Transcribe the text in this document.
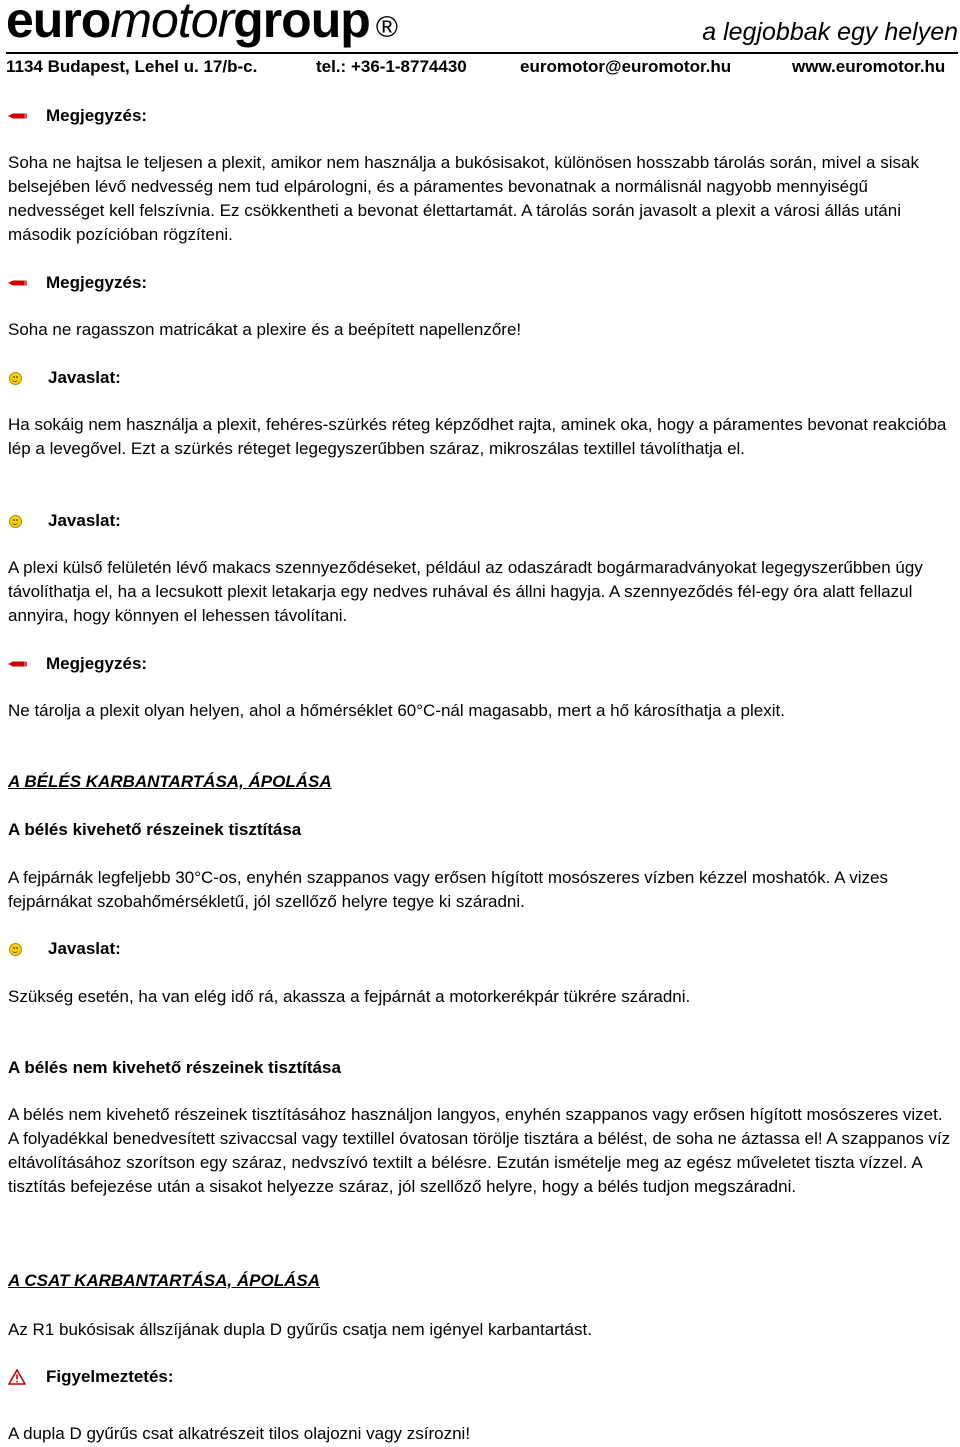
euromotorgroup ®	a legjobbak egy helyen
1134 Budapest, Lehel u. 17/b-c.	tel.: +36-1-8774430	euromotor@euromotor.hu	www.euromotor.hu
Megjegyzés:
Soha ne hajtsa le teljesen a plexit, amikor nem használja a bukósisakot, különösen hosszabb tárolás során, mivel a sisak belsejében lévő nedvesség nem tud elpárologni, és a páramentes bevonatnak a normálisnál nagyobb mennyiségű nedvességet kell felszívnia. Ez csökkentheti a bevonat élettartamát. A tárolás során javasolt a plexit a városi állás utáni második pozícióban rögzíteni.
Megjegyzés:
Soha ne ragasszon matricákat a plexire és a beépített napellenzőre!
Javaslat:
Ha sokáig nem használja a plexit, fehéres-szürkés réteg képződhet rajta, aminek oka, hogy a páramentes bevonat reakcióba lép a levegővel. Ezt a szürkés réteget legegyszerűbben száraz, mikroszálas textillel távolíthatja el.
Javaslat:
A plexi külső felületén lévő makacs szennyeződéseket, például az odaszáradt bogármaradványokat legegyszerűbben úgy távolíthatja el, ha a lecsukott plexit letakarja egy nedves ruhával és állni hagyja. A szennyeződés fél-egy óra alatt fellazul annyira, hogy könnyen el lehessen távolítani.
Megjegyzés:
Ne tárolja a plexit olyan helyen, ahol a hőmérséklet 60°C-nál magasabb, mert a hő károsíthatja a plexit.
A BÉLÉS KARBANTARTÁSA, ÁPOLÁSA
A bélés kivehető részeinek tisztítása
A fejpárnák legfeljebb 30°C-os, enyhén szappanos vagy erősen hígított mosószeres vízben kézzel moshatók. A vizes fejpárnákat szobahőmérsékletű, jól szellőző helyre tegye ki száradni.
Javaslat:
Szükség esetén, ha van elég idő rá, akassza a fejpárnát a motorkerékpár tükrére száradni.
A bélés nem kivehető részeinek tisztítása
A bélés nem kivehető részeinek tisztításához használjon langyos, enyhén szappanos vagy erősen hígított mosószeres vizet. A folyadékkal benedvesített szivaccsal vagy textillel óvatosan törölje tisztára a bélést, de soha ne áztassa el! A szappanos víz eltávolításához szorítson egy száraz, nedvszívó textilt a bélésre. Ezután ismételje meg az egész műveletet tiszta vízzel. A tisztítás befejezése után a sisakot helyezze száraz, jól szellőző helyre, hogy a bélés tudjon megszáradni.
A CSAT KARBANTARTÁSA, ÁPOLÁSA
Az R1 bukósisak állszíjának dupla D gyűrűs csatja nem igényel karbantartást.
Figyelmeztetés:
A dupla D gyűrűs csat alkatrészeit tilos olajozni vagy zsírozni!
